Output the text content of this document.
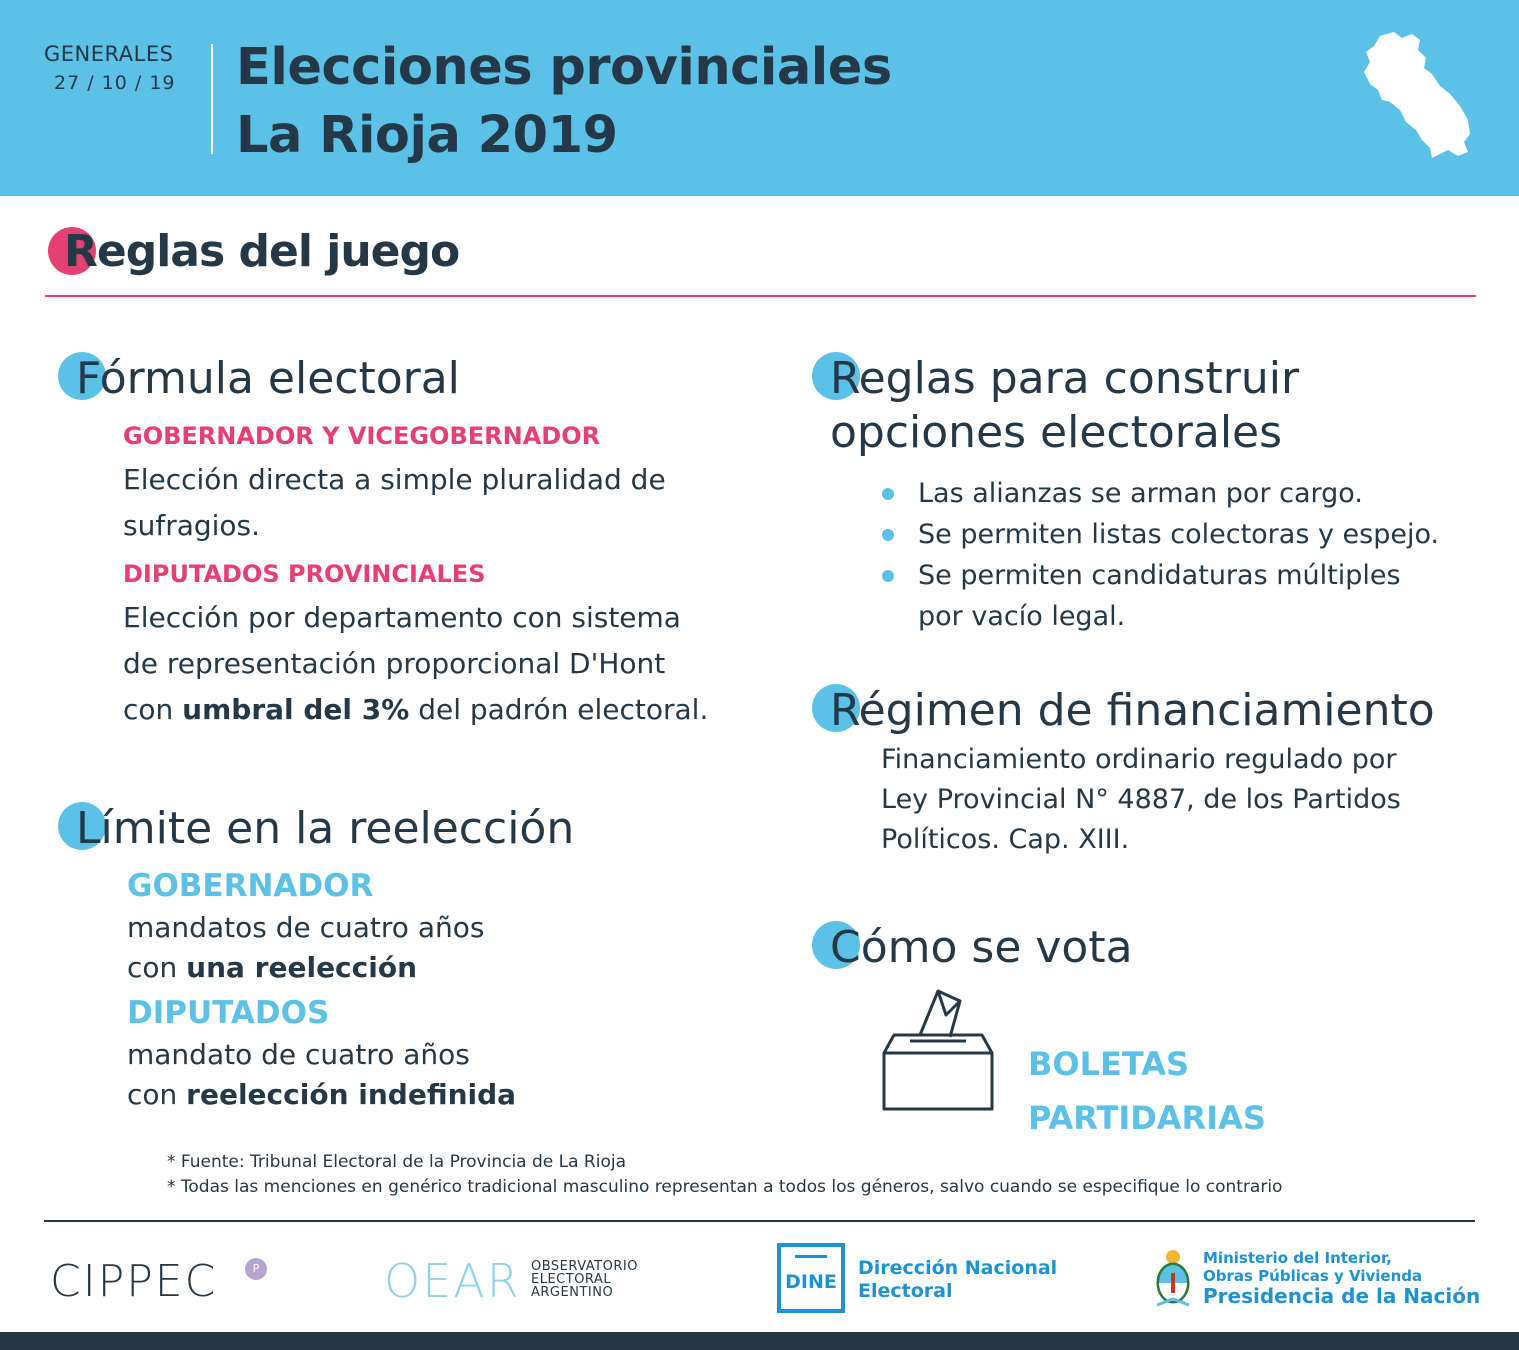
GENERALES
27 / 10 / 19 Elecciones provinciales
La Rioja 2019
Reglas del juego
Fórmula electoral
GOBERNADOR Y VICEGOBERNADOR
Elección directa a simple pluralidad de
sufragios.
DIPUTADOS PROVINCIALES
Elección por departamento con sistema
de representación proporcional D'Hont
con umbral del 3% del padrón electoral.
Límite en la reelección
GOBERNADOR
mandatos de cuatro años
con una reelección
DIPUTADOS
mandato de cuatro años
con reelección indefinida
Reglas para construir
opciones electorales
Las alianzas se arman por cargo.
Se permiten listas colectoras y espejo.
Se permiten candidaturas múltiples
por vacío legal.
Régimen de financiamiento
Financiamiento ordinario regulado por
Ley Provincial N° 4887, de los Partidos
Políticos. Cap. XIII.
Cómo se vota
BOLETAS
PARTIDARIAS
* Fuente: Tribunal Electoral de la Provincia de La Rioja
* Todas las menciones en genérico tradicional masculino representan a todos los géneros, salvo cuando se especifique lo contrario
CIPPEC	P	OEAR OBSERVATORIO
ELECTORAL
ARGENTINO	DINE
Dirección Nacional
Electoral
Ministerio del Interior,
Obras Públicas y Vivienda
Presidencia de la Nación
